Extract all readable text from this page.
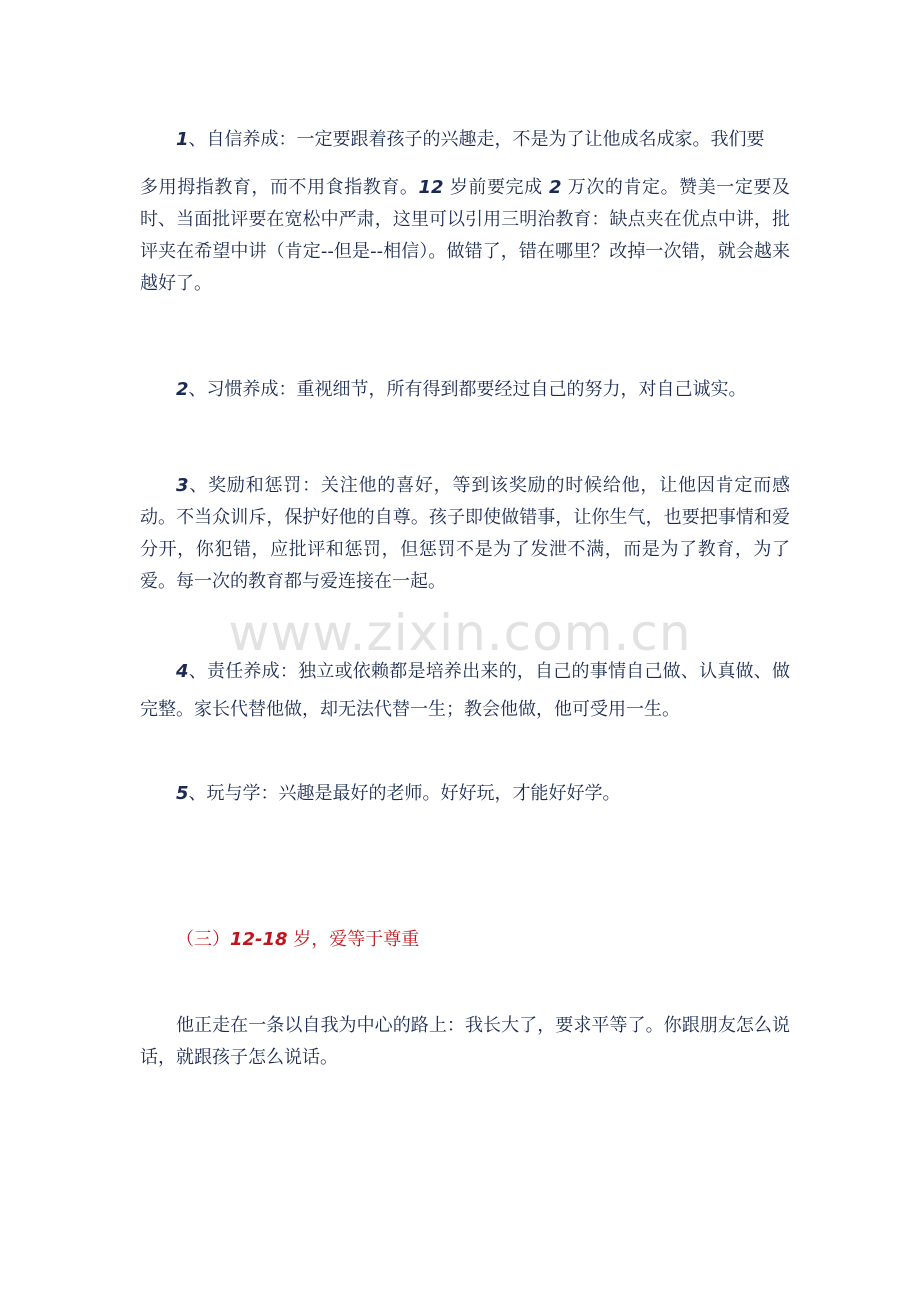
1、自信养成：一定要跟着孩子的兴趣走，不是为了让他成名成家。我们要
多用拇指教育，而不用食指教育。12 岁前要完成 2 万次的肯定。赞美一定要及时、当面批评要在宽松中严肃，这里可以引用三明治教育：缺点夹在优点中讲，批评夹在希望中讲（肯定--但是--相信）。做错了，错在哪里？改掉一次错，就会越来越好了。

2、习惯养成：重视细节，所有得到都要经过自己的努力，对自己诚实。

3、奖励和惩罚：关注他的喜好，等到该奖励的时候给他，让他因肯定而感动。不当众训斥，保护好他的自尊。孩子即使做错事，让你生气，也要把事情和爱分开，你犯错，应批评和惩罚，但惩罚不是为了发泄不满，而是为了教育，为了爱。每一次的教育都与爱连接在一起。

www.zixin.com.cn

4、责任养成：独立或依赖都是培养出来的，自己的事情自己做、认真做、做完整。家长代替他做，却无法代替一生；教会他做，他可受用一生。

5、玩与学：兴趣是最好的老师。好好玩，才能好好学。

（三）12-18 岁，爱等于尊重

他正走在一条以自我为中心的路上：我长大了，要求平等了。你跟朋友怎么说话，就跟孩子怎么说话。
